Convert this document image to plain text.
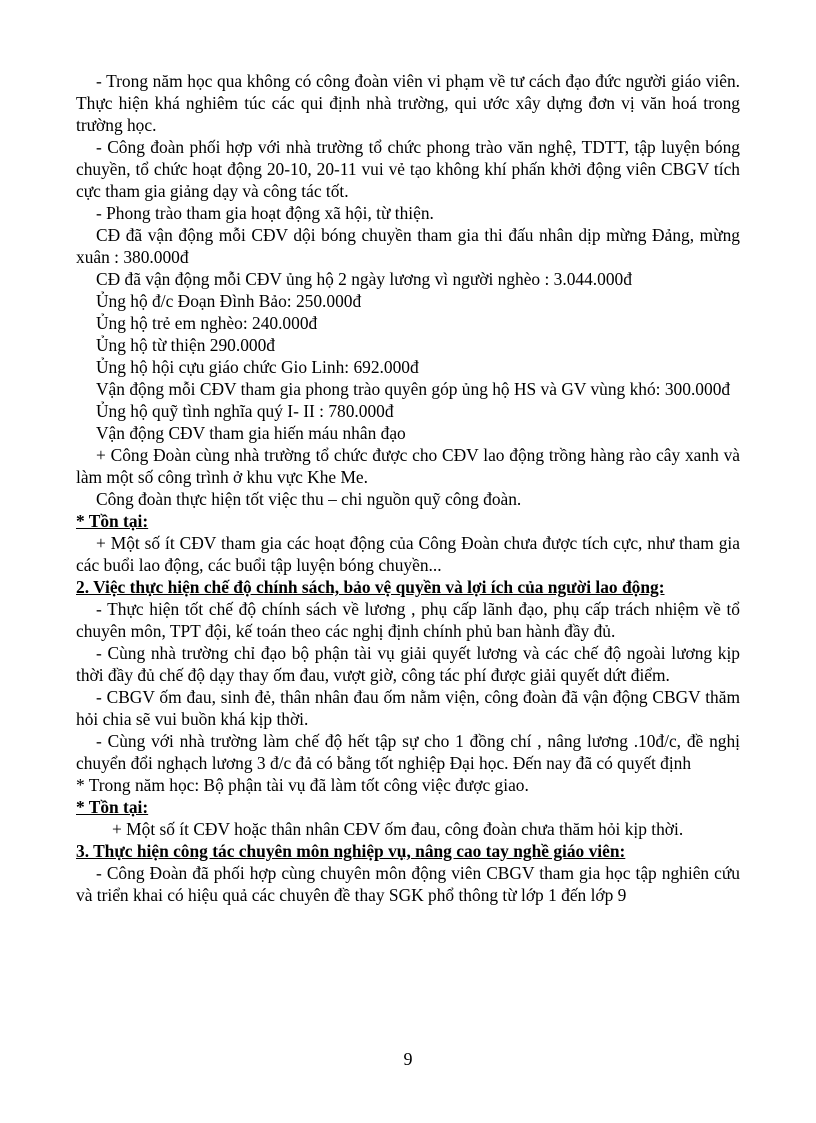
- Trong năm học qua không có công đoàn viên vi phạm về tư cách đạo đức người giáo viên. Thực hiện khá nghiêm túc các qui định nhà trường, qui ước xây dựng đơn vị văn hoá trong trường học.

- Công đoàn phối hợp với nhà trường tổ chức phong trào văn nghệ, TDTT, tập luyện bóng chuyền, tổ chức hoạt động 20-10, 20-11 vui vẻ tạo không khí phấn khởi động viên CBGV tích cực tham gia giảng dạy và công tác tốt.

- Phong trào tham gia hoạt động xã hội, từ thiện.

CĐ đã vận động mỗi CĐV dội bóng chuyền tham gia thi đấu nhân dịp mừng Đảng, mừng xuân : 380.000đ

CĐ đã vận động mỗi CĐV ủng hộ 2 ngày lương vì người nghèo : 3.044.000đ

Ủng hộ đ/c Đoạn Đình Bảo: 250.000đ

Ủng hộ trẻ em nghèo: 240.000đ

Ủng hộ từ thiện 290.000đ

Ủng hộ hội cựu giáo chức Gio Linh: 692.000đ

Vận động mỗi CĐV tham gia phong trào quyên góp ủng hộ HS và GV vùng khó: 300.000đ

Ủng hộ quỹ tình nghĩa quý I- II : 780.000đ

Vận động CĐV tham gia hiến máu nhân đạo

+ Công Đoàn cùng nhà trường tổ chức được cho CĐV lao động trồng hàng rào cây xanh và làm một số công trình ở khu vực Khe Me.

Công đoàn thực hiện tốt việc thu – chi nguồn quỹ công đoàn.

* Tồn tại:

+ Một số ít CĐV tham gia các hoạt động của Công Đoàn chưa được tích cực, như tham gia các buổi lao động, các buổi tập luyện bóng chuyền...

2. Việc thực hiện chế độ chính sách, bảo vệ quyền và lợi ích của người lao động:

- Thực hiện tốt chế độ chính sách về lương , phụ cấp lãnh đạo, phụ cấp trách nhiệm về tổ chuyên môn, TPT đội, kế toán theo các nghị định chính phủ ban hành đầy đủ.

- Cùng nhà trường chỉ đạo bộ phận tài vụ giải quyết lương và các chế độ ngoài lương kịp thời đầy đủ chế độ dạy thay ốm đau, vượt giờ, công tác phí được giải quyết dứt điểm.

- CBGV ốm đau, sinh đẻ, thân nhân đau ốm nằm viện, công đoàn đã vận động CBGV thăm hỏi chia sẽ vui buồn khá kịp thời.

- Cùng với nhà trường làm chế độ hết tập sự cho 1 đồng chí , nâng lương .10đ/c, đề nghị chuyển đổi nghạch lương 3 đ/c đả có bằng tốt nghiệp Đại học. Đến nay đã có quyết định

* Trong năm học: Bộ phận tài vụ đã làm tốt công việc được giao.

* Tồn tại:

+ Một số ít CĐV hoặc thân nhân CĐV ốm đau, công đoàn chưa thăm hỏi kịp thời.

3. Thực hiện công tác chuyên môn nghiệp vụ, nâng cao tay nghề giáo viên:

- Công Đoàn đã phối hợp cùng chuyên môn động viên CBGV tham gia học tập nghiên cứu và triển khai có hiệu quả các chuyên đề thay SGK phổ thông từ lớp 1 đến lớp 9

9
